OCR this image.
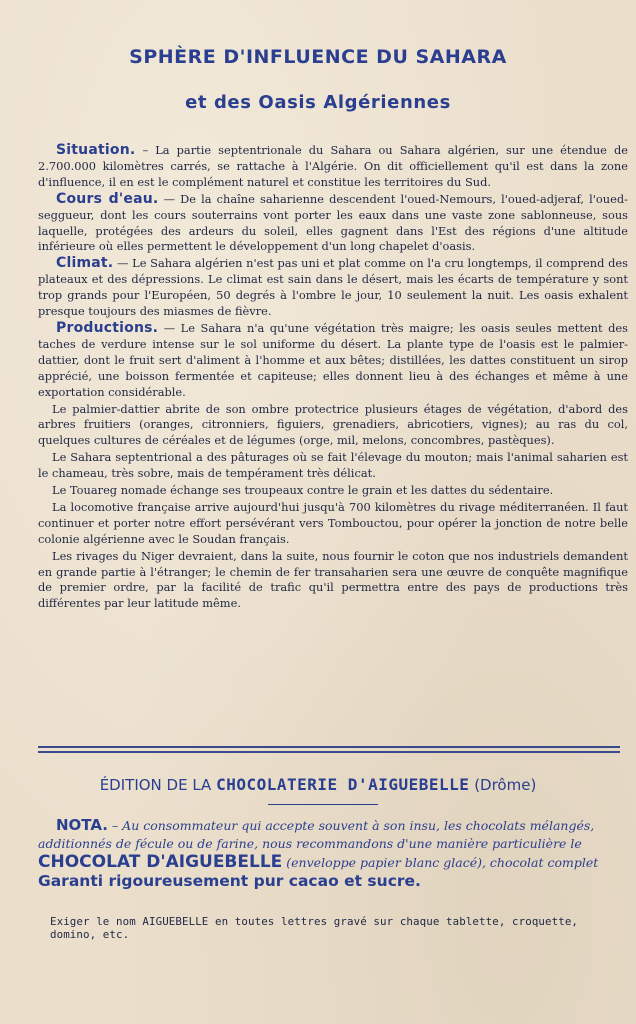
SPHÈRE D'INFLUENCE DU SAHARA
et des Oasis Algériennes

Situation. – La partie septentrionale du Sahara ou Sahara algérien, sur une étendue de 2.700.000 kilomètres carrés, se rattache à l'Algérie. On dit officiellement qu'il est dans la zone d'influence, il en est le complément naturel et constitue les territoires du Sud.

Cours d'eau. — De la chaîne saharienne descendent l'oued-Nemours, l'oued-adjeraf, l'oued-seggueur, dont les cours souterrains vont porter les eaux dans une vaste zone sablonneuse, sous laquelle, protégées des ardeurs du soleil, elles gagnent dans l'Est des régions d'une altitude inférieure où elles permettent le développement d'un long chapelet d'oasis.

Climat. — Le Sahara algérien n'est pas uni et plat comme on l'a cru longtemps, il comprend des plateaux et des dépressions. Le climat est sain dans le désert, mais les écarts de température y sont trop grands pour l'Européen, 50 degrés à l'ombre le jour, 10 seulement la nuit. Les oasis exhalent presque toujours des miasmes de fièvre.

Productions. — Le Sahara n'a qu'une végétation très maigre; les oasis seules mettent des taches de verdure intense sur le sol uniforme du désert. La plante type de l'oasis est le palmier-dattier, dont le fruit sert d'aliment à l'homme et aux bêtes; distillées, les dattes constituent un sirop apprécié, une boisson fermentée et capiteuse; elles donnent lieu à des échanges et même à une exportation considérable.

Le palmier-dattier abrite de son ombre protectrice plusieurs étages de végétation, d'abord des arbres fruitiers (oranges, citronniers, figuiers, grenadiers, abricotiers, vignes); au ras du col, quelques cultures de céréales et de légumes (orge, mil, melons, concombres, pastèques).

Le Sahara septentrional a des pâturages où se fait l'élevage du mouton; mais l'animal saharien est le chameau, très sobre, mais de tempérament très délicat.

Le Touareg nomade échange ses troupeaux contre le grain et les dattes du sédentaire.

La locomotive française arrive aujourd'hui jusqu'à 700 kilomètres du rivage méditerranéen. Il faut continuer et porter notre effort persévérant vers Tombouctou, pour opérer la jonction de notre belle colonie algérienne avec le Soudan français.

Les rivages du Niger devraient, dans la suite, nous fournir le coton que nos industriels demandent en grande partie à l'étranger; le chemin de fer transaharien sera une œuvre de conquête magnifique de premier ordre, par la facilité de trafic qu'il permettra entre des pays de productions très différentes par leur latitude même.

ÉDITION DE LA CHOCOLATERIE D'AIGUEBELLE (Drôme)
NOTA. – Au consommateur qui accepte souvent à son insu, les chocolats mélangés, additionnés de fécule ou de farine, nous recommandons d'une manière particulière le CHOCOLAT D'AIGUEBELLE (enveloppe papier blanc glacé), chocolat complet Garanti rigoureusement pur cacao et sucre.
Exiger le nom AIGUEBELLE en toutes lettres gravé sur chaque tablette, croquette, domino, etc.
